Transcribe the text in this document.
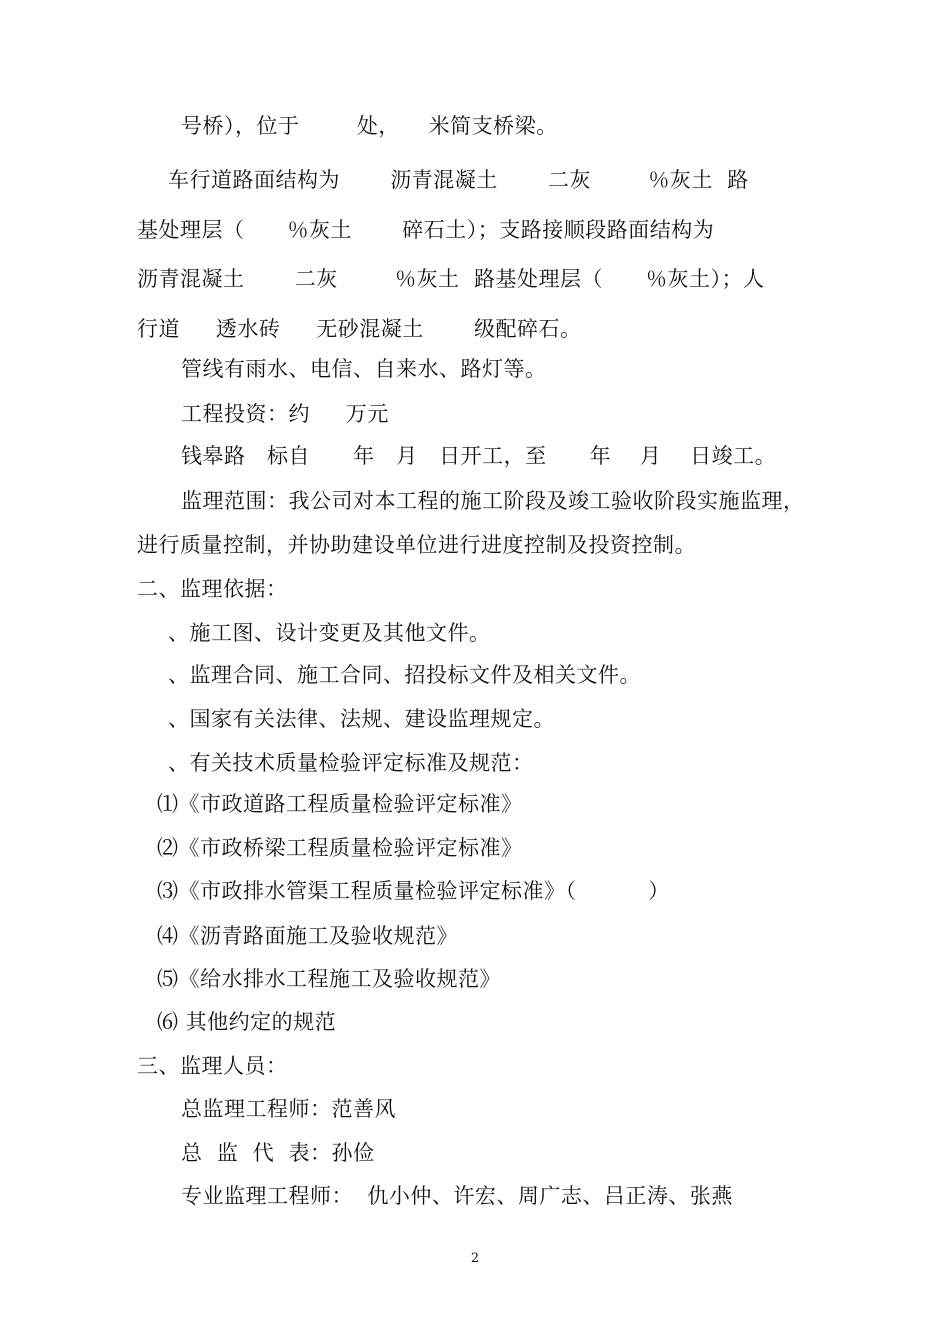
号桥），位于        处，    米简支桥梁。
车行道路面结构为       沥青混凝土       二灰        ％灰土  路
基处理层（      ％灰土       碎石土）；支路接顺段路面结构为
沥青混凝土       二灰        ％灰土  路基处理层（      ％灰土）；人
行道     透水砖     无砂混凝土       级配碎石。
管线有雨水、电信、自来水、路灯等。
工程投资：约     万元
钱皋路   标自      年   月   日开工，至      年    月    日竣工。
监理范围：我公司对本工程的施工阶段及竣工验收阶段实施监理，
进行质量控制，并协助建设单位进行进度控制及投资控制。
二、监理依据：
、施工图、设计变更及其他文件。
、监理合同、施工合同、招投标文件及相关文件。
、国家有关法律、法规、建设监理规定。
、有关技术质量检验评定标准及规范：
⑴《市政道路工程质量检验评定标准》
⑵《市政桥梁工程质量检验评定标准》
⑶《市政排水管渠工程质量检验评定标准》（          ）
⑷《沥青路面施工及验收规范》
⑸《给水排水工程施工及验收规范》
⑹ 其他约定的规范
三、监理人员：
总监理工程师：范善风
总  监  代  表：孙俭
专业监理工程师：  仇小仲、许宏、周广志、吕正涛、张燕
2
